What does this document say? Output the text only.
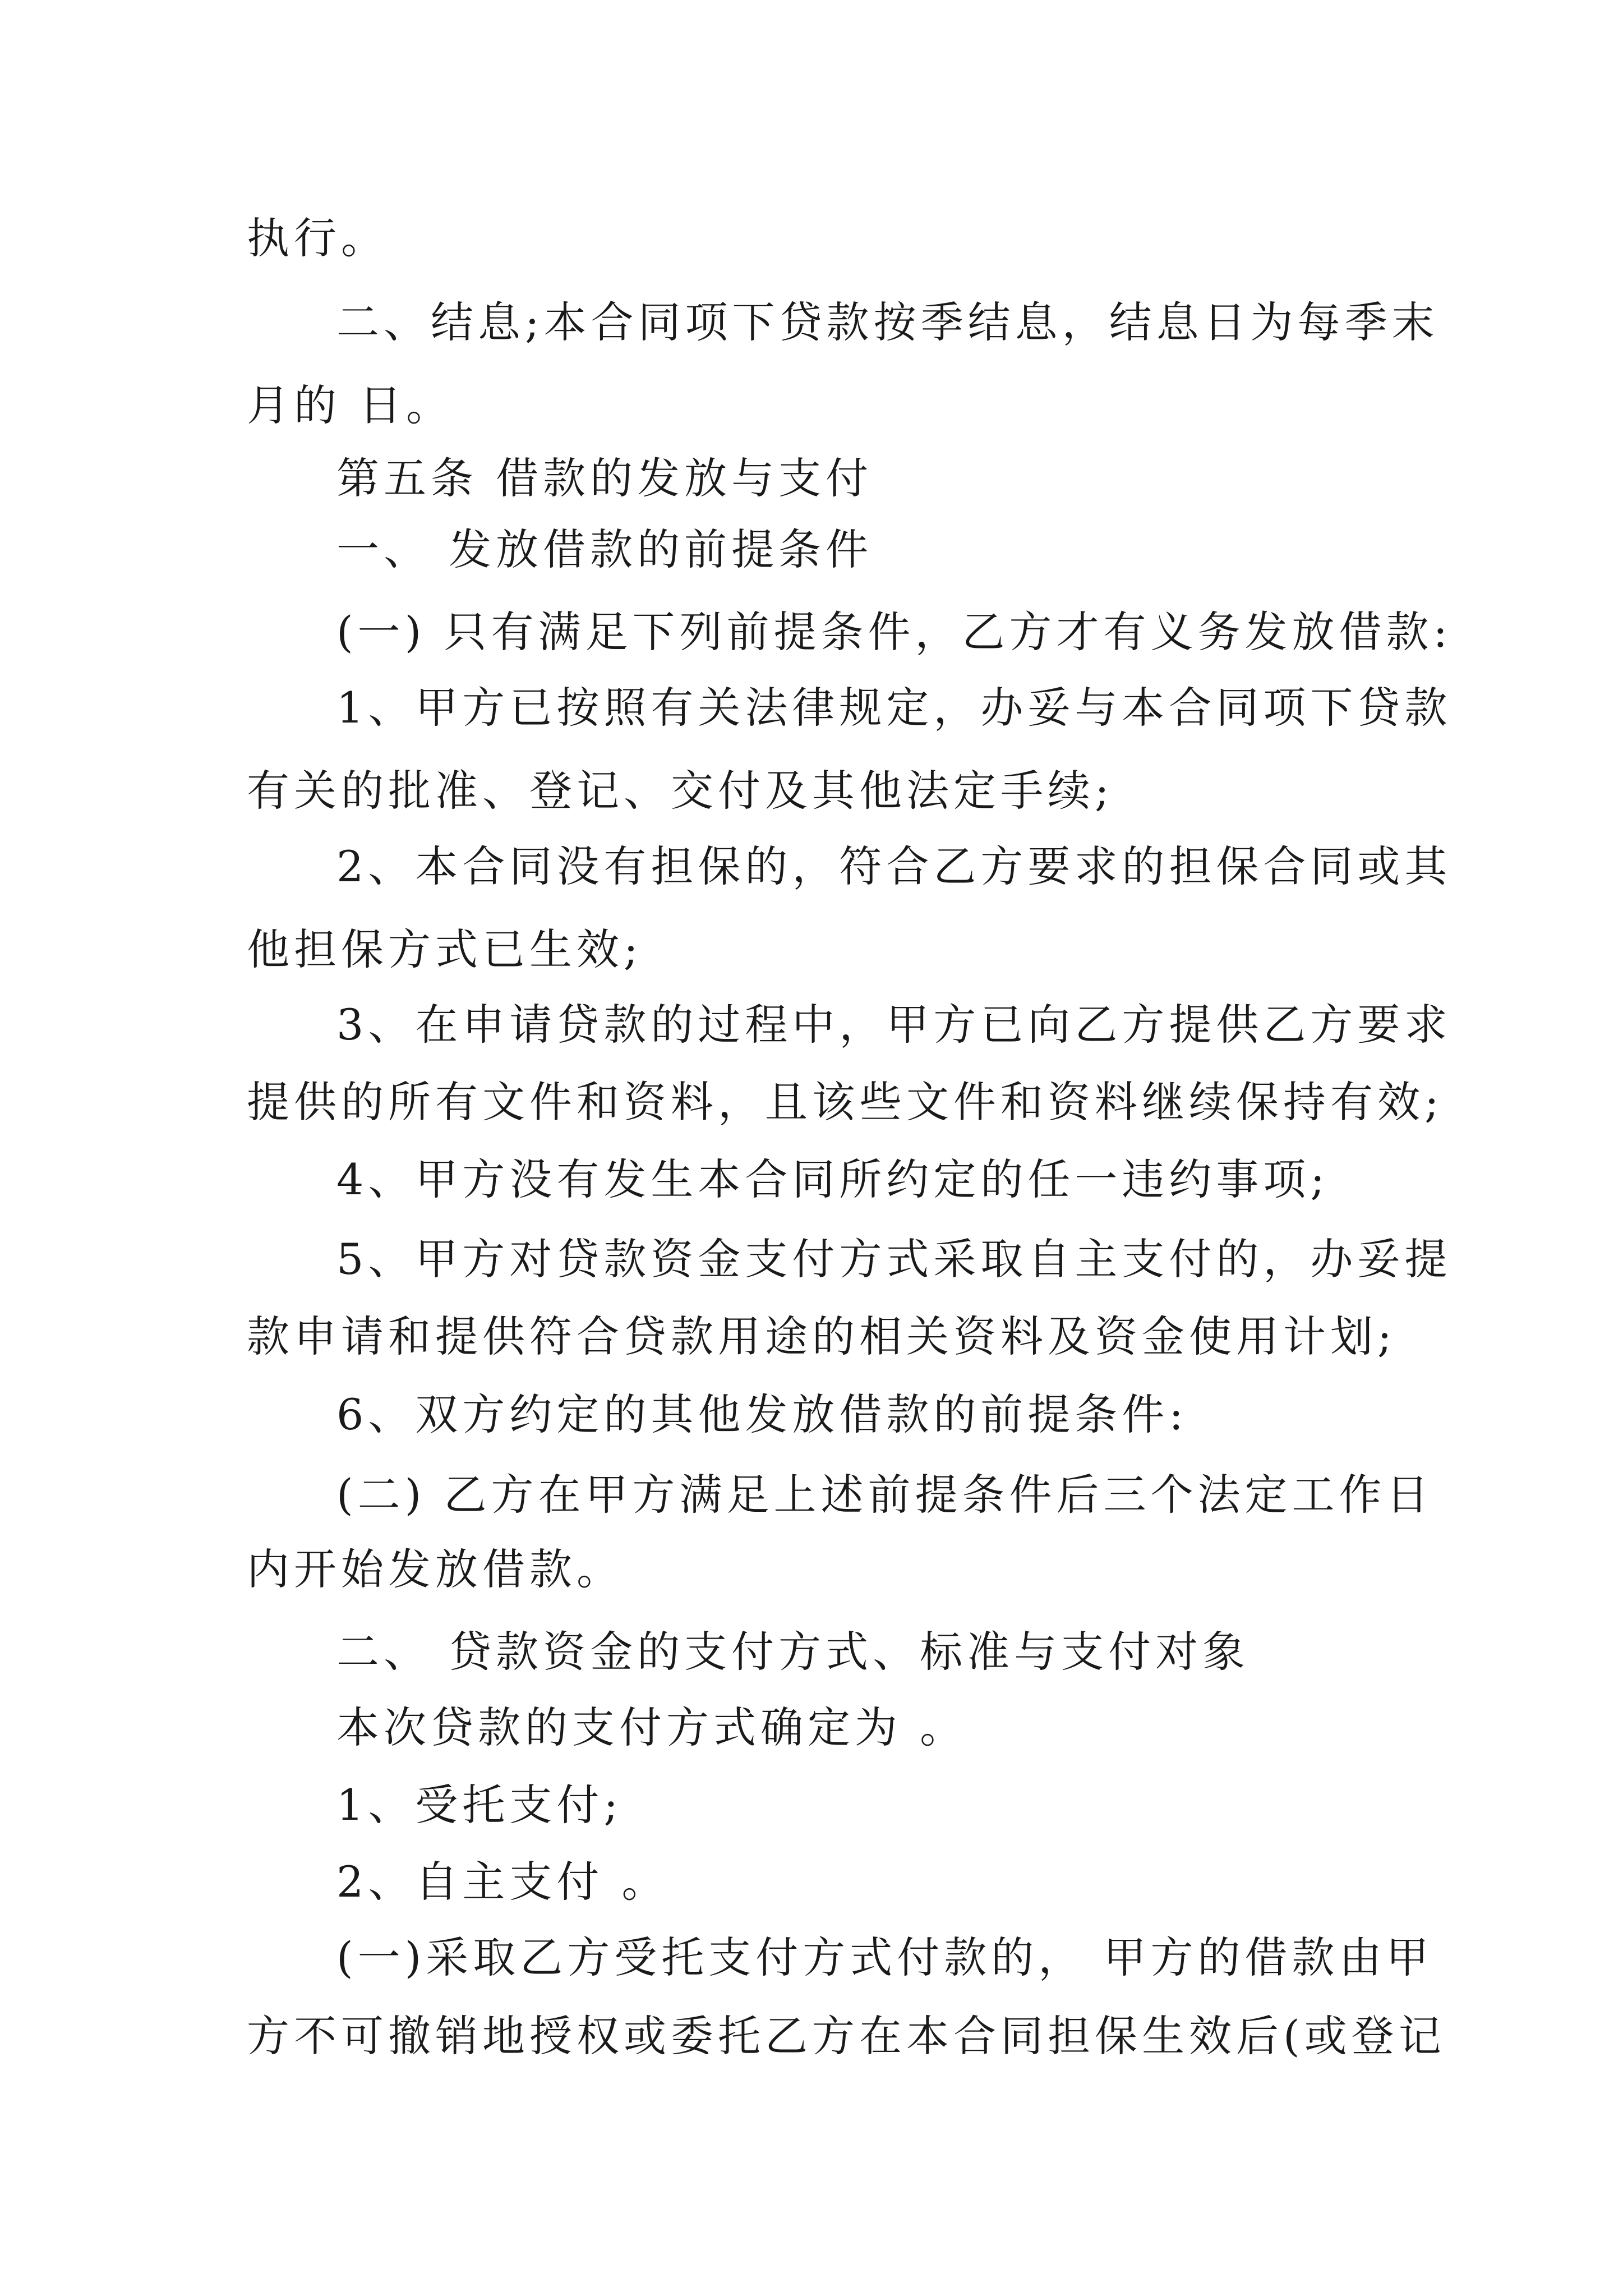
执行。

二、结息;本合同项下贷款按季结息，结息日为每季末

月的 日。

第五条 借款的发放与支付

一、 发放借款的前提条件

(一) 只有满足下列前提条件，乙方才有义务发放借款:

1、甲方已按照有关法律规定，办妥与本合同项下贷款

有关的批准、登记、交付及其他法定手续;

2、本合同没有担保的，符合乙方要求的担保合同或其

他担保方式已生效;

3、在申请贷款的过程中，甲方已向乙方提供乙方要求

提供的所有文件和资料，且该些文件和资料继续保持有效;

4、甲方没有发生本合同所约定的任一违约事项;

5、甲方对贷款资金支付方式采取自主支付的，办妥提

款申请和提供符合贷款用途的相关资料及资金使用计划;

6、双方约定的其他发放借款的前提条件:

(二) 乙方在甲方满足上述前提条件后三个法定工作日

内开始发放借款。

二、 贷款资金的支付方式、标准与支付对象

本次贷款的支付方式确定为 。

1、受托支付;

2、自主支付 。

(一)采取乙方受托支付方式付款的， 甲方的借款由甲

方不可撤销地授权或委托乙方在本合同担保生效后(或登记
